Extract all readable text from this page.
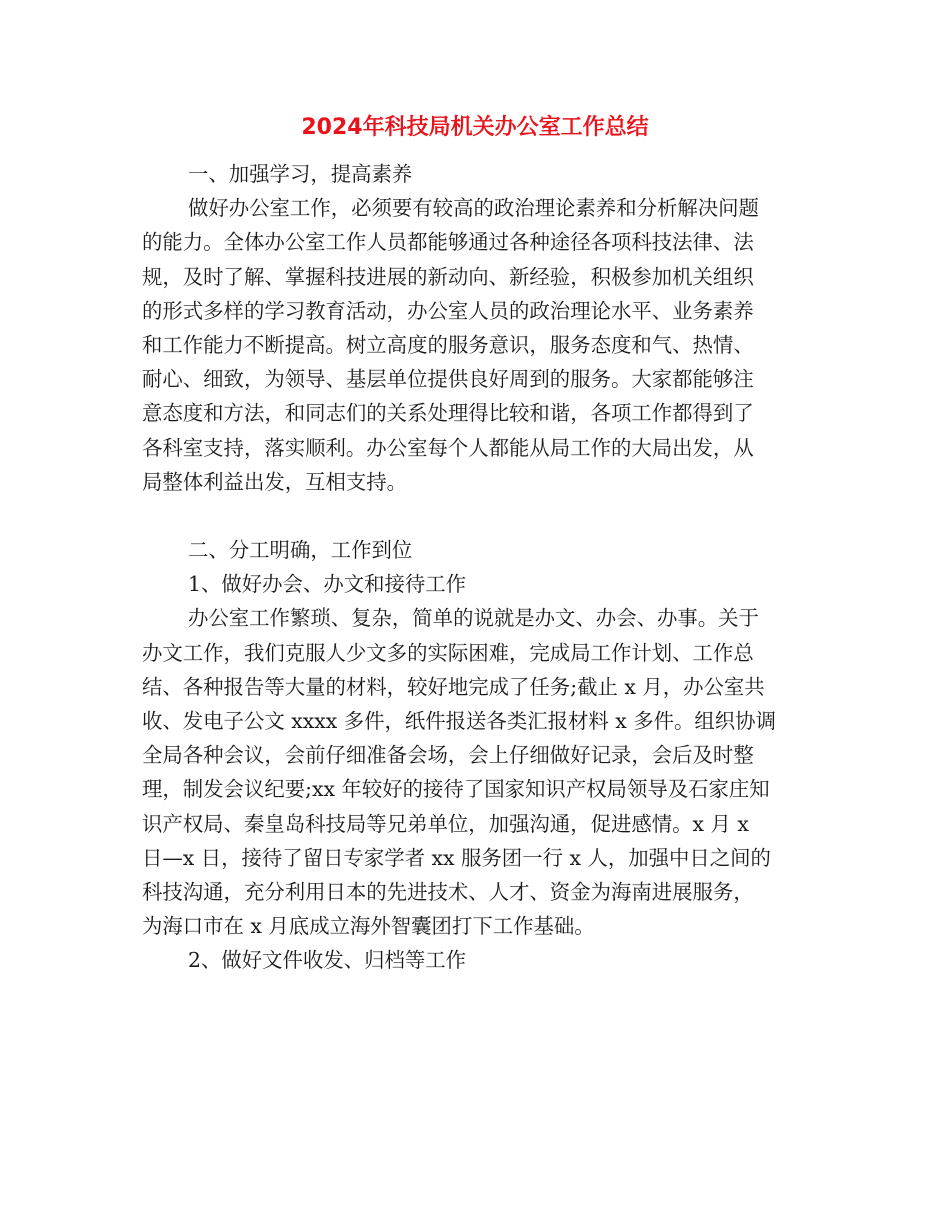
2024年科技局机关办公室工作总结

一、加强学习，提高素养

做好办公室工作，必须要有较高的政治理论素养和分析解决问题

的能力。全体办公室工作人员都能够通过各种途径各项科技法律、法

规，及时了解、掌握科技进展的新动向、新经验，积极参加机关组织

的形式多样的学习教育活动，办公室人员的政治理论水平、业务素养

和工作能力不断提高。树立高度的服务意识，服务态度和气、热情、

耐心、细致，为领导、基层单位提供良好周到的服务。大家都能够注

意态度和方法，和同志们的关系处理得比较和谐，各项工作都得到了

各科室支持，落实顺利。办公室每个人都能从局工作的大局出发，从

局整体利益出发，互相支持。

二、分工明确，工作到位

1、做好办会、办文和接待工作

办公室工作繁琐、复杂，简单的说就是办文、办会、办事。关于

办文工作，我们克服人少文多的实际困难，完成局工作计划、工作总

结、各种报告等大量的材料，较好地完成了任务;截止 x 月，办公室共

收、发电子公文 xxxx 多件，纸件报送各类汇报材料 x 多件。组织协调

全局各种会议，会前仔细准备会场，会上仔细做好记录，会后及时整

理，制发会议纪要;xx 年较好的接待了国家知识产权局领导及石家庄知

识产权局、秦皇岛科技局等兄弟单位，加强沟通，促进感情。x 月 x

日—x 日，接待了留日专家学者 xx 服务团一行 x 人，加强中日之间的

科技沟通，充分利用日本的先进技术、人才、资金为海南进展服务，

为海口市在 x 月底成立海外智囊团打下工作基础。

2、做好文件收发、归档等工作
